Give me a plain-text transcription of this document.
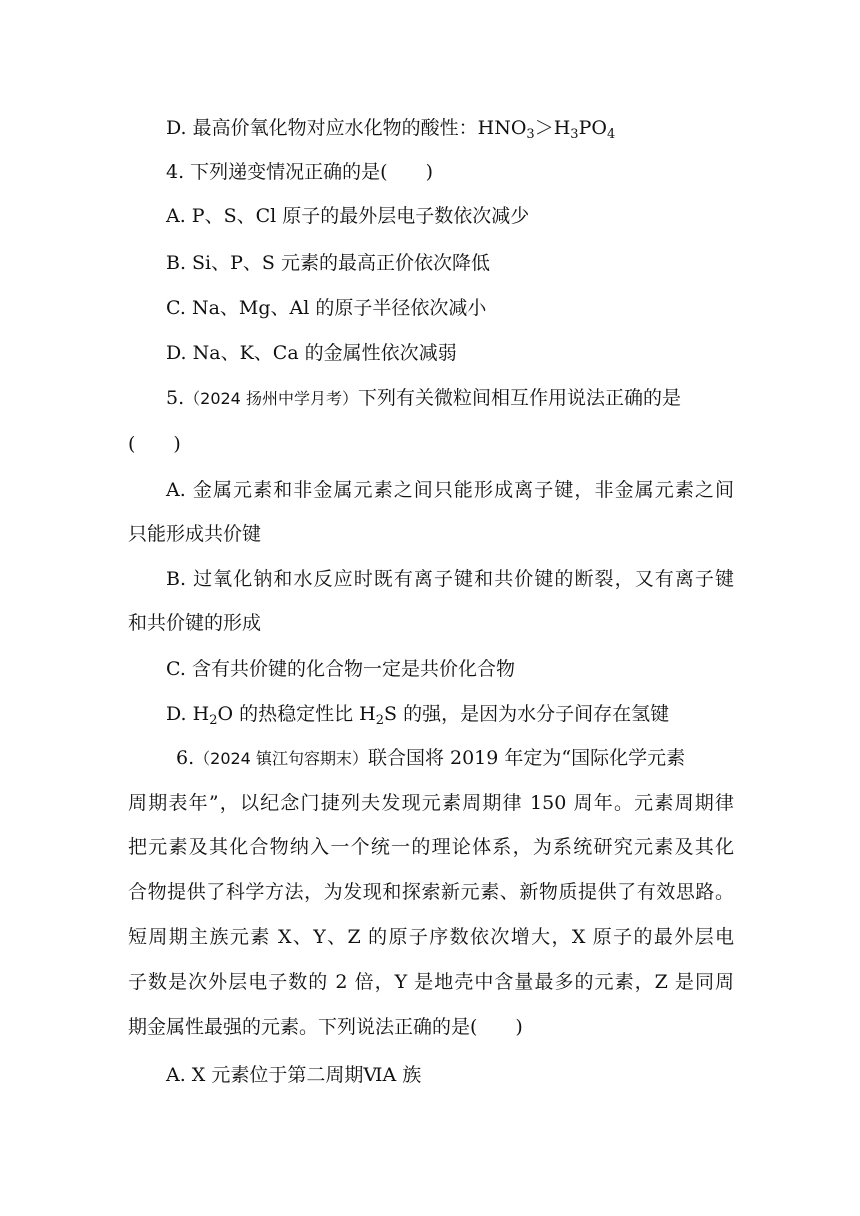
D. 最高价氧化物对应水化物的酸性：$HNO_3>H_3PO_4$
4. 下列递变情况正确的是(　　)
A. P、S、Cl 原子的最外层电子数依次减少
B. Si、P、S 元素的最高正价依次降低
C. Na、Mg、Al 的原子半径依次减小
D. Na、K、Ca 的金属性依次减弱
5.（2024 扬州中学月考）下列有关微粒间相互作用说法正确的是
(　　)
A. 金属元素和非金属元素之间只能形成离子键，非金属元素之间
只能形成共价键
B. 过氧化钠和水反应时既有离子键和共价键的断裂，又有离子键
和共价键的形成
C. 含有共价键的化合物一定是共价化合物
D. $H_2O$ 的热稳定性比 $H_2S$ 的强，是因为水分子间存在氢键
6.（2024 镇江句容期末）联合国将 2019 年定为“国际化学元素
周期表年”，以纪念门捷列夫发现元素周期律 150 周年。元素周期律
把元素及其化合物纳入一个统一的理论体系，为系统研究元素及其化
合物提供了科学方法，为发现和探索新元素、新物质提供了有效思路。
短周期主族元素 X、Y、Z 的原子序数依次增大，X 原子的最外层电
子数是次外层电子数的 2 倍，Y 是地壳中含量最多的元素，Z 是同周
期金属性最强的元素。下列说法正确的是(　　)
A. X 元素位于第二周期ⅥA 族
